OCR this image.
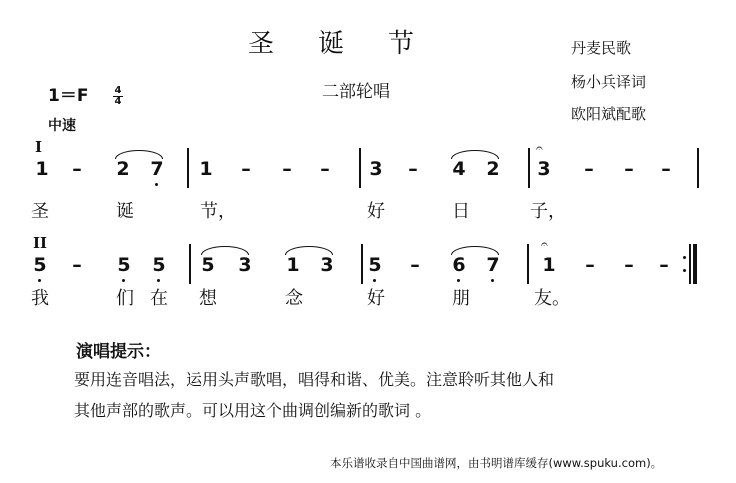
圣诞节	丹麦民歌
杨小兵译词
欧阳斌配歌
二部轮唱
1＝F	4
4
中速
I
1 – 2 7 1 – – – 3 – 4 2
𝄐
3 – – –
圣	诞	节，	好	日	子，
II
5 – 5 5 5 3 1 3 5 – 6 7
𝄐
1 – – –
我	们 在 想	念	好	朋	友。
演唱提示：
要用连音唱法，运用头声歌唱，唱得和谐、优美。注意聆听其他人和
其他声部的歌声。可以用这个曲调创编新的歌词 。
本乐谱收录自中国曲谱网，由书明谱库缓存(www.spuku.com)。
